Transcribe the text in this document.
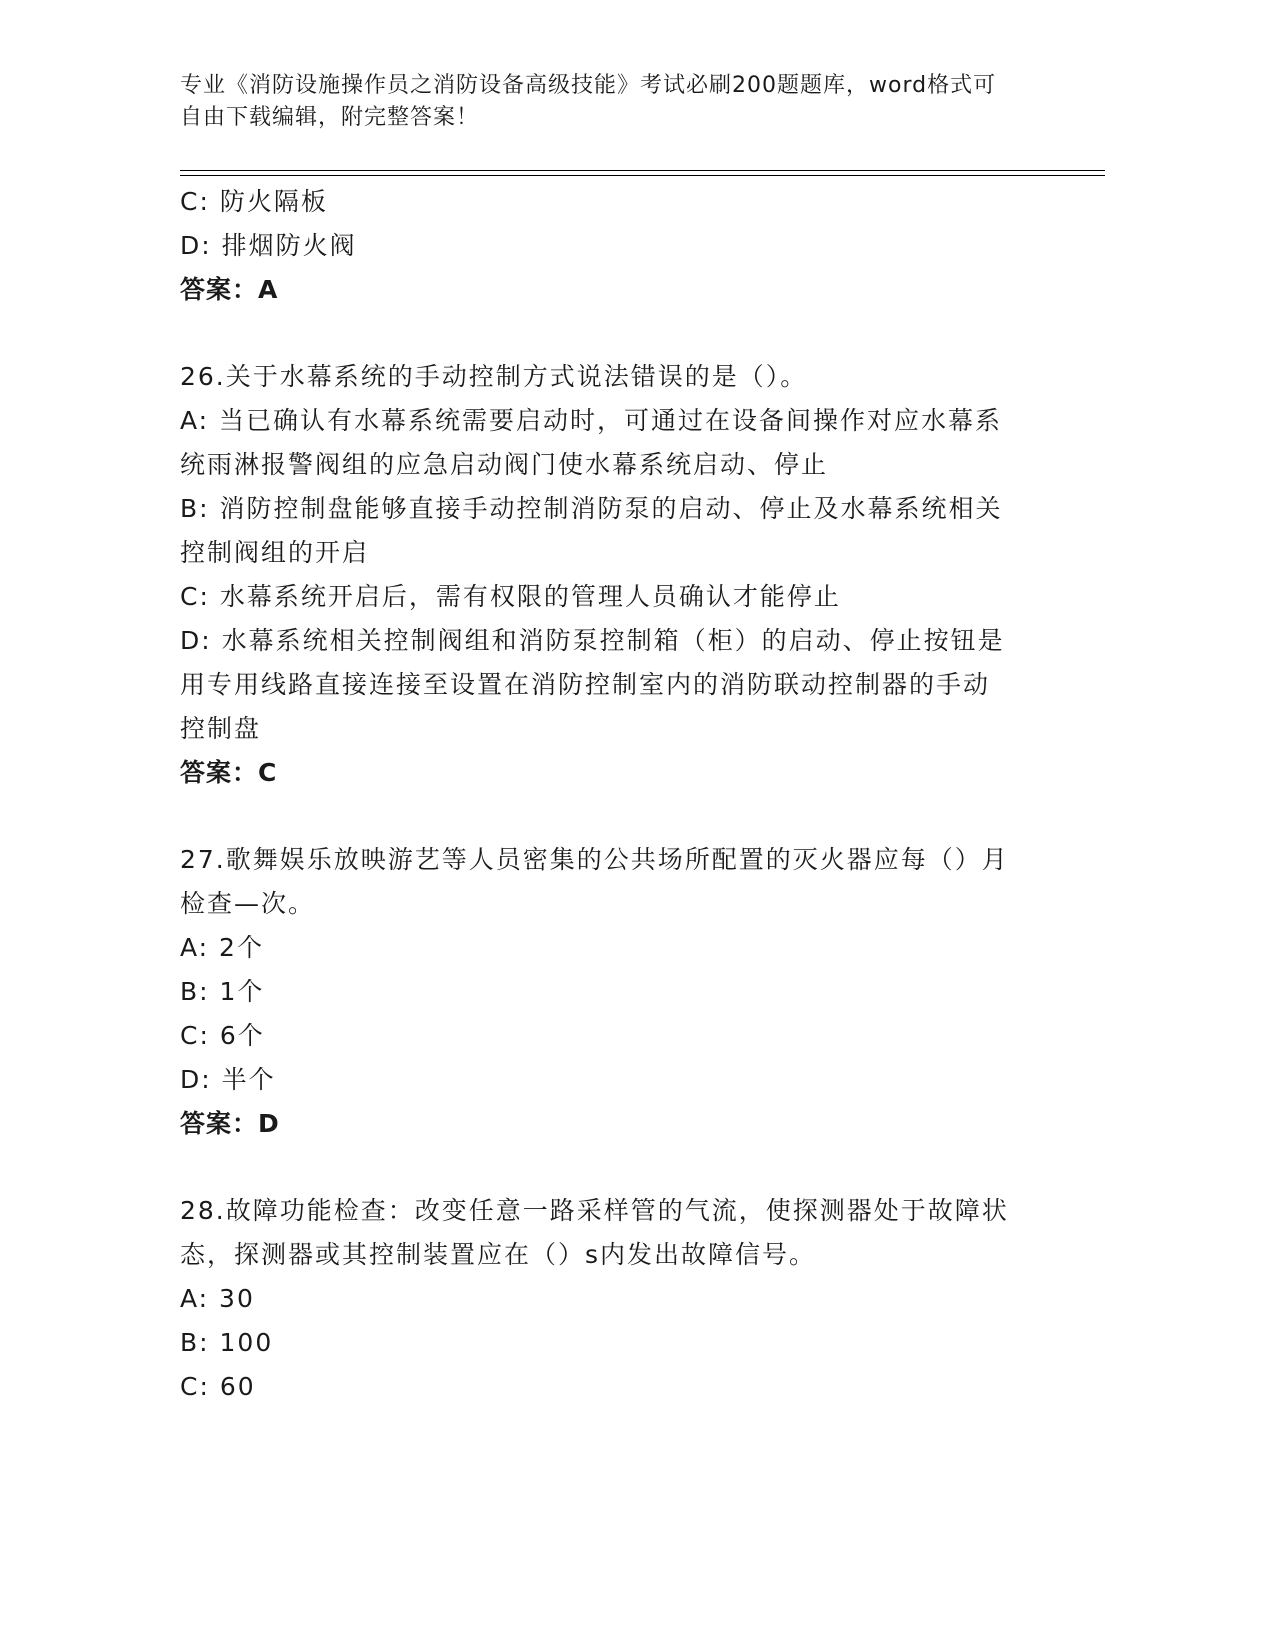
专业《消防设施操作员之消防设备高级技能》考试必刷200题题库，word格式可
自由下载编辑，附完整答案！
C: 防火隔板
D: 排烟防火阀
答案：A
26.关于水幕系统的手动控制方式说法错误的是（）。
A: 当已确认有水幕系统需要启动时，可通过在设备间操作对应水幕系
统雨淋报警阀组的应急启动阀门使水幕系统启动、停止
B: 消防控制盘能够直接手动控制消防泵的启动、停止及水幕系统相关
控制阀组的开启
C: 水幕系统开启后，需有权限的管理人员确认才能停止
D: 水幕系统相关控制阀组和消防泵控制箱（柜）的启动、停止按钮是
用专用线路直接连接至设置在消防控制室内的消防联动控制器的手动
控制盘
答案：C
27.歌舞娱乐放映游艺等人员密集的公共场所配置的灭火器应每（）月
检查—次。
A: 2个
B: 1个
C: 6个
D: 半个
答案：D
28.故障功能检查：改变任意一路采样管的气流，使探测器处于故障状
态，探测器或其控制装置应在（）s内发出故障信号。
A: 30
B: 100
C: 60
